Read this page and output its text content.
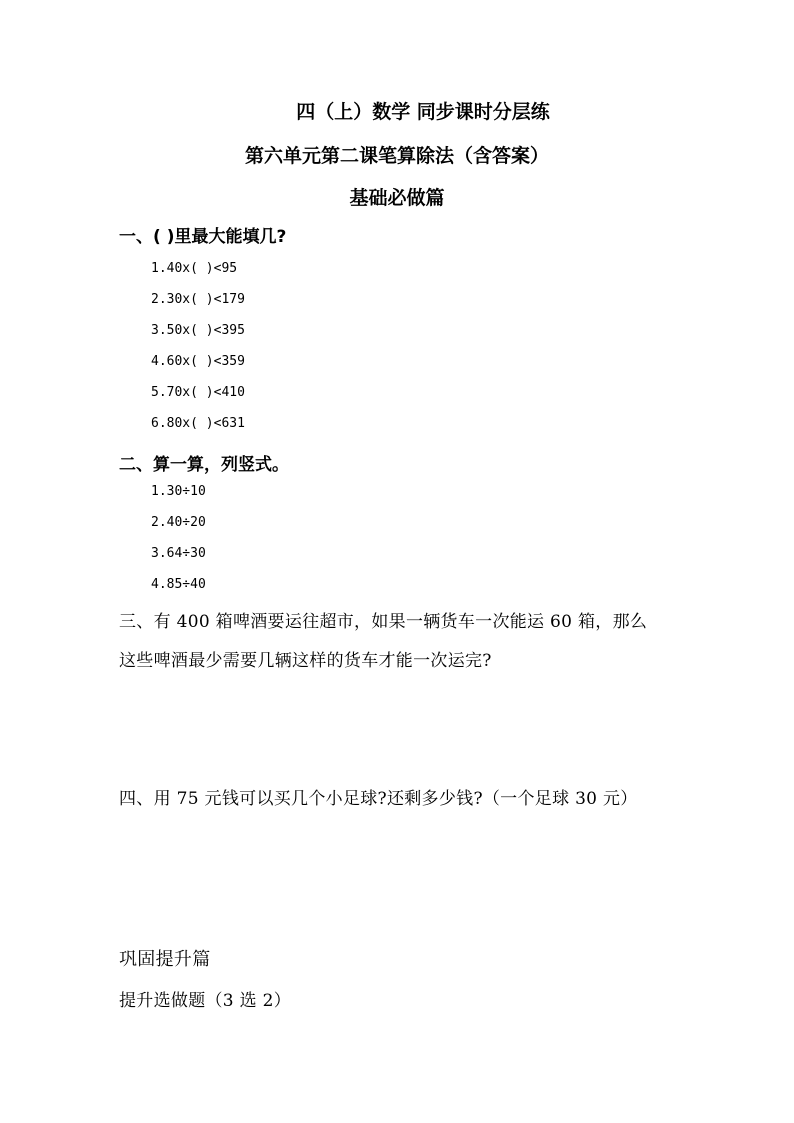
四（上）数学 同步课时分层练
第六单元第二课笔算除法（含答案）
基础必做篇
一、( )里最大能填几?
1.40x( )<95
2.30x( )<179
3.50x( )<395
4.60x( )<359
5.70x( )<410
6.80x( )<631
二、算一算，列竖式。
1.30÷10
2.40÷20
3.64÷30
4.85÷40
三、有 400 箱啤酒要运往超市，如果一辆货车一次能运 60 箱，那么
这些啤酒最少需要几辆这样的货车才能一次运完?
四、用 75 元钱可以买几个小足球?还剩多少钱?（一个足球 30 元）
巩固提升篇
提升选做题（3 选 2）
